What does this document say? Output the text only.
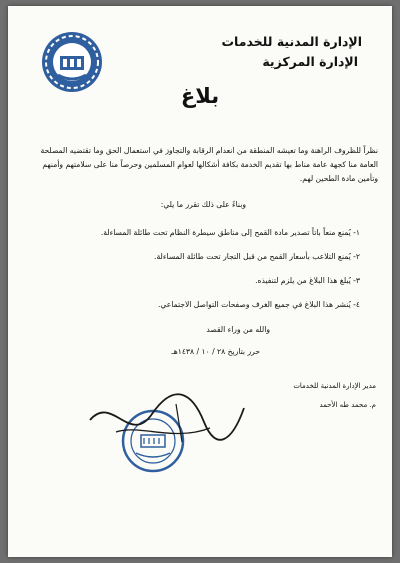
الإدارة المدنية للخدمات
الإدارة المركزية
بلاغ
نظراً للظروف الراهنة وما تعيشه المنطقة من انعدام الرقابة والتجاوز في استعمال الحق وما تقتضيه المصلحة العامة منا كجهة عامة مناط بها تقديم الخدمة بكافة أشكالها لعوام المسلمين وحرصاً منا على سلامتهم وأمنهم وتأمين مادة الطحين لهم.
وبناءً على ذلك تقرر ما يلي:
١- يُمنع منعاً باتاً تصدير مادة القمح إلى مناطق سيطرة النظام تحت طائلة المساءلة.
٢- يُمنع التلاعب بأسعار القمح من قبل التجار تحت طائلة المساءلة.
٣- يُبلغ هذا البلاغ من يلزم لتنفيذه.
٤- يُنشر هذا البلاغ في جميع الغرف وصفحات التواصل الاجتماعي.
والله من وراء القصد
حرر بتاريخ ٢٨ / ١٠ / ١٤٣٨هـ
مدير الإدارة المدنية للخدمات
م. محمد طه الأحمد
